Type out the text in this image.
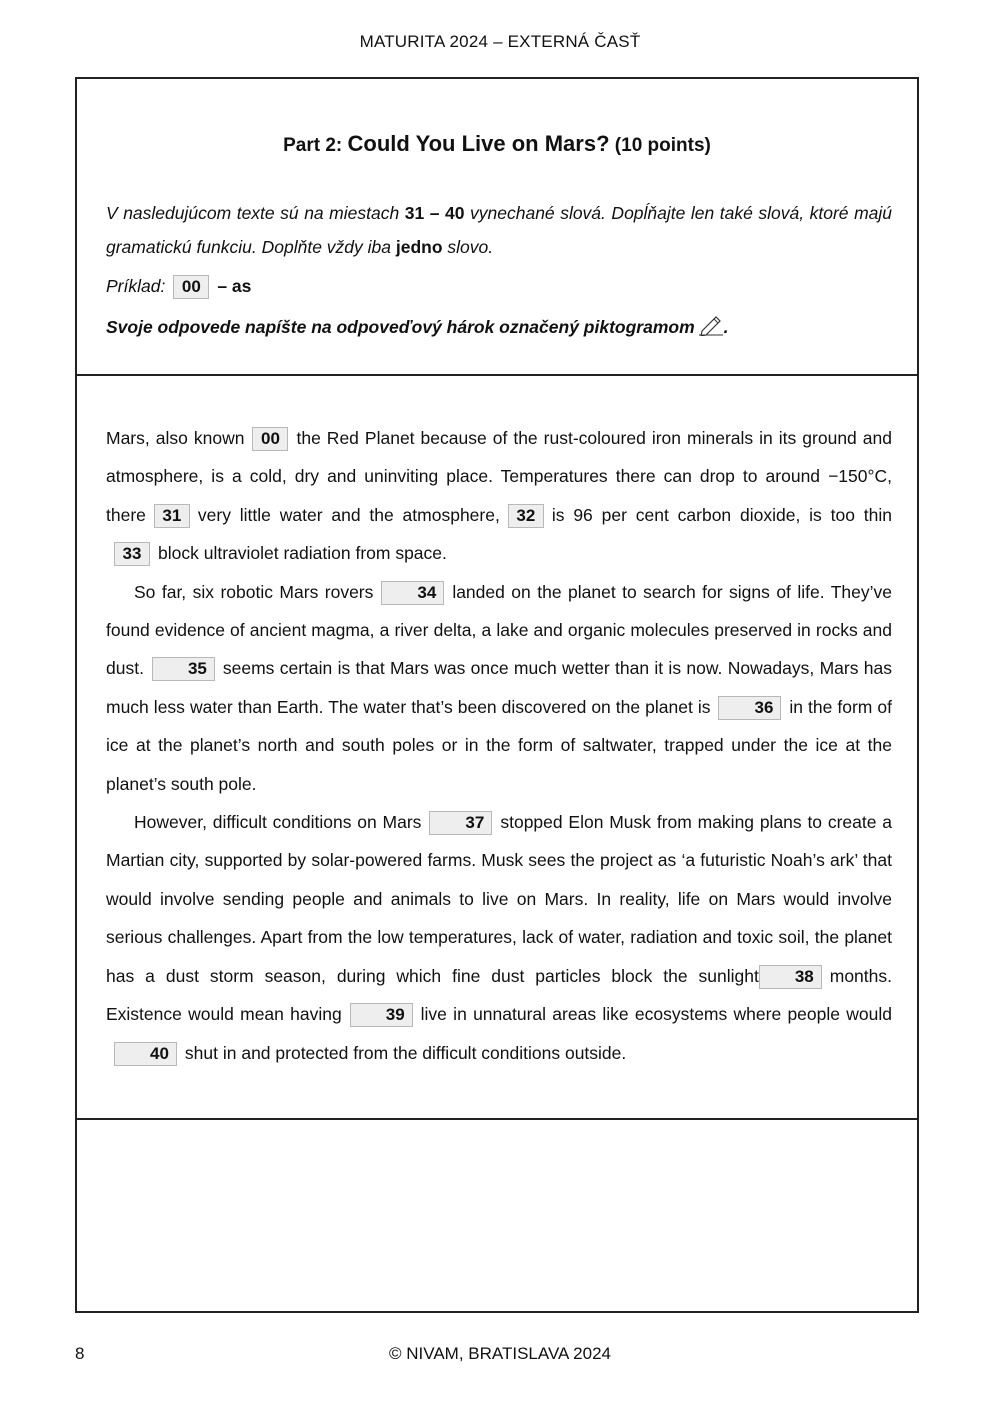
MATURITA 2024 – EXTERNÁ ČASŤ
Part 2: Could You Live on Mars? (10 points)
V nasledujúcom texte sú na miestach 31 – 40 vynechané slová. Dopĺňajte len také slová, ktoré majú gramatickú funkciu. Doplňte vždy iba jedno slovo.
Príklad: 00 – as
Svoje odpovede napíšte na odpoveďový hárok označený piktogramom .

Mars, also known 00 the Red Planet because of the rust-coloured iron minerals in its ground and atmosphere, is a cold, dry and uninviting place. Temperatures there can drop to around −150°C, there 31 very little water and the atmosphere, 32 is 96 per cent carbon dioxide, is too thin33 block ultraviolet radiation from space.

So far, six robotic Mars rovers	34 landed on the planet to search for signs of life. They’ve found evidence of ancient magma, a river delta, a lake and organic molecules preserved in rocks and dust.	35 seems certain is that Mars was once much wetter than it is now. Nowadays, Mars has much less water than Earth. The water that’s been discovered on the planet is	36 in the form of ice at the planet’s north and south poles or in the form of saltwater, trapped under the ice at the planet’s south pole.

However, difficult conditions on Mars	37 stopped Elon Musk from making plans to create a Martian city, supported by solar-powered farms. Musk sees the project as ‘a futuristic Noah’s ark’ that would involve sending people and animals to live on Mars. In reality, life on Mars would involve serious challenges. Apart from the low temperatures, lack of water, radiation and toxic soil, the planet has a dust storm season, during which fine dust particles block the sunlight 38 months. Existence would mean having	39 live in unnatural areas like ecosystems where people would40 shut in and protected from the difficult conditions outside.

8	© NIVAM, BRATISLAVA 2024
